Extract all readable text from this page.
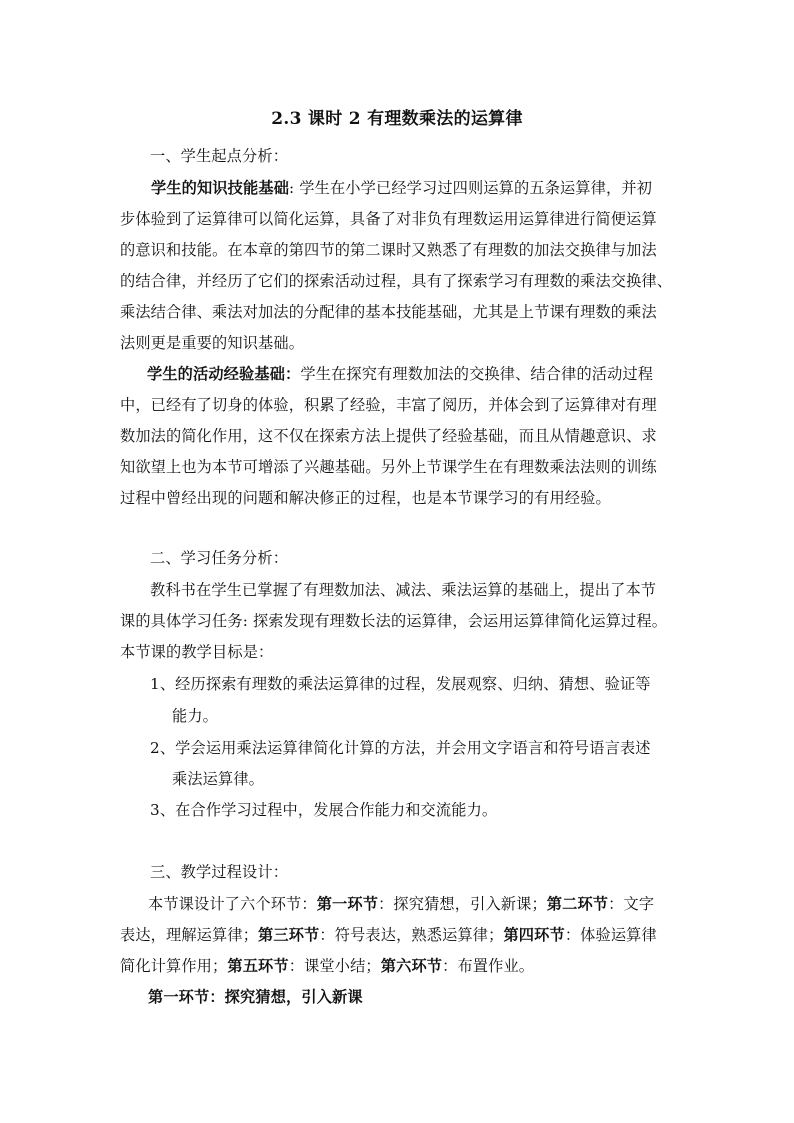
2.3 课时 2 有理数乘法的运算律
一、学生起点分析：
学生的知识技能基础: 学生在小学已经学习过四则运算的五条运算律，并初
步体验到了运算律可以简化运算，具备了对非负有理数运用运算律进行简便运算
的意识和技能。在本章的第四节的第二课时又熟悉了有理数的加法交换律与加法
的结合律，并经历了它们的探索活动过程，具有了探索学习有理数的乘法交换律、
乘法结合律、乘法对加法的分配律的基本技能基础，尤其是上节课有理数的乘法
法则更是重要的知识基础。
学生的活动经验基础：学生在探究有理数加法的交换律、结合律的活动过程
中，已经有了切身的体验，积累了经验，丰富了阅历，并体会到了运算律对有理
数加法的简化作用，这不仅在探索方法上提供了经验基础，而且从情趣意识、求
知欲望上也为本节可增添了兴趣基础。另外上节课学生在有理数乘法法则的训练
过程中曾经出现的问题和解决修正的过程，也是本节课学习的有用经验。
二、学习任务分析：
教科书在学生已掌握了有理数加法、减法、乘法运算的基础上，提出了本节
课的具体学习任务: 探索发现有理数长法的运算律，会运用运算律简化运算过程。
本节课的教学目标是：
1、经历探索有理数的乘法运算律的过程，发展观察、归纳、猜想、验证等
能力。
2、学会运用乘法运算律简化计算的方法，并会用文字语言和符号语言表述
乘法运算律。
3、在合作学习过程中，发展合作能力和交流能力。
三、教学过程设计：
本节课设计了六个环节：第一环节：探究猜想，引入新课；第二环节：文字
表达，理解运算律；第三环节：符号表达，熟悉运算律；第四环节：体验运算律
简化计算作用；第五环节：课堂小结；第六环节：布置作业。
第一环节：探究猜想，引入新课
